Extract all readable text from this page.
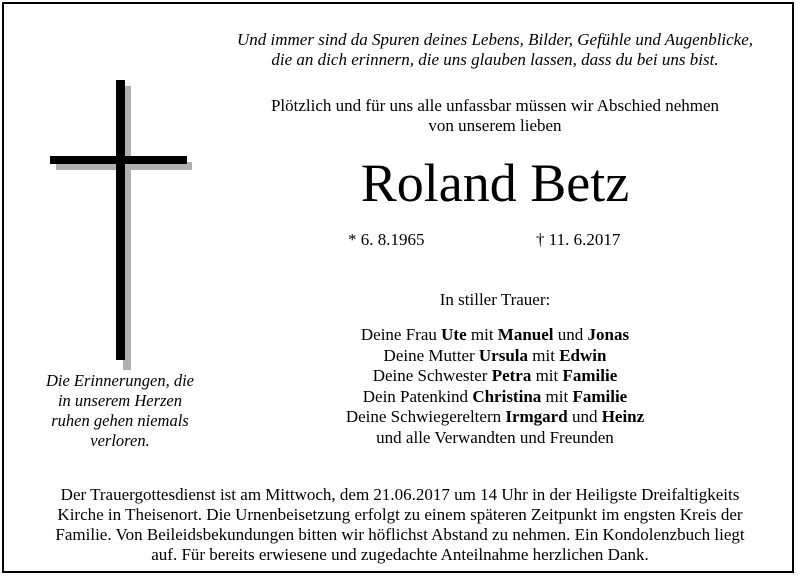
Und immer sind da Spuren deines Lebens, Bilder, Gefühle und Augenblicke,
die an dich erinnern, die uns glauben lassen, dass du bei uns bist.
Plötzlich und für uns alle unfassbar müssen wir Abschied nehmen
von unserem lieben
Roland Betz
* 6. 8.1965	† 11. 6.2017
In stiller Trauer:
Deine Frau Ute mit Manuel und Jonas
Deine Mutter Ursula mit Edwin
Deine Schwester Petra mit Familie
Dein Patenkind Christina mit Familie
Deine Schwiegereltern Irmgard und Heinz
und alle Verwandten und Freunden
Die Erinnerungen, die
in unserem Herzen
ruhen gehen niemals
verloren.
Der Trauergottesdienst ist am Mittwoch, dem 21.06.2017 um 14 Uhr in der Heiligste Dreifaltigkeits
Kirche in Theisenort. Die Urnenbeisetzung erfolgt zu einem späteren Zeitpunkt im engsten Kreis der
Familie. Von Beileidsbekundungen bitten wir höflichst Abstand zu nehmen. Ein Kondolenzbuch liegt
auf. Für bereits erwiesene und zugedachte Anteilnahme herzlichen Dank.
